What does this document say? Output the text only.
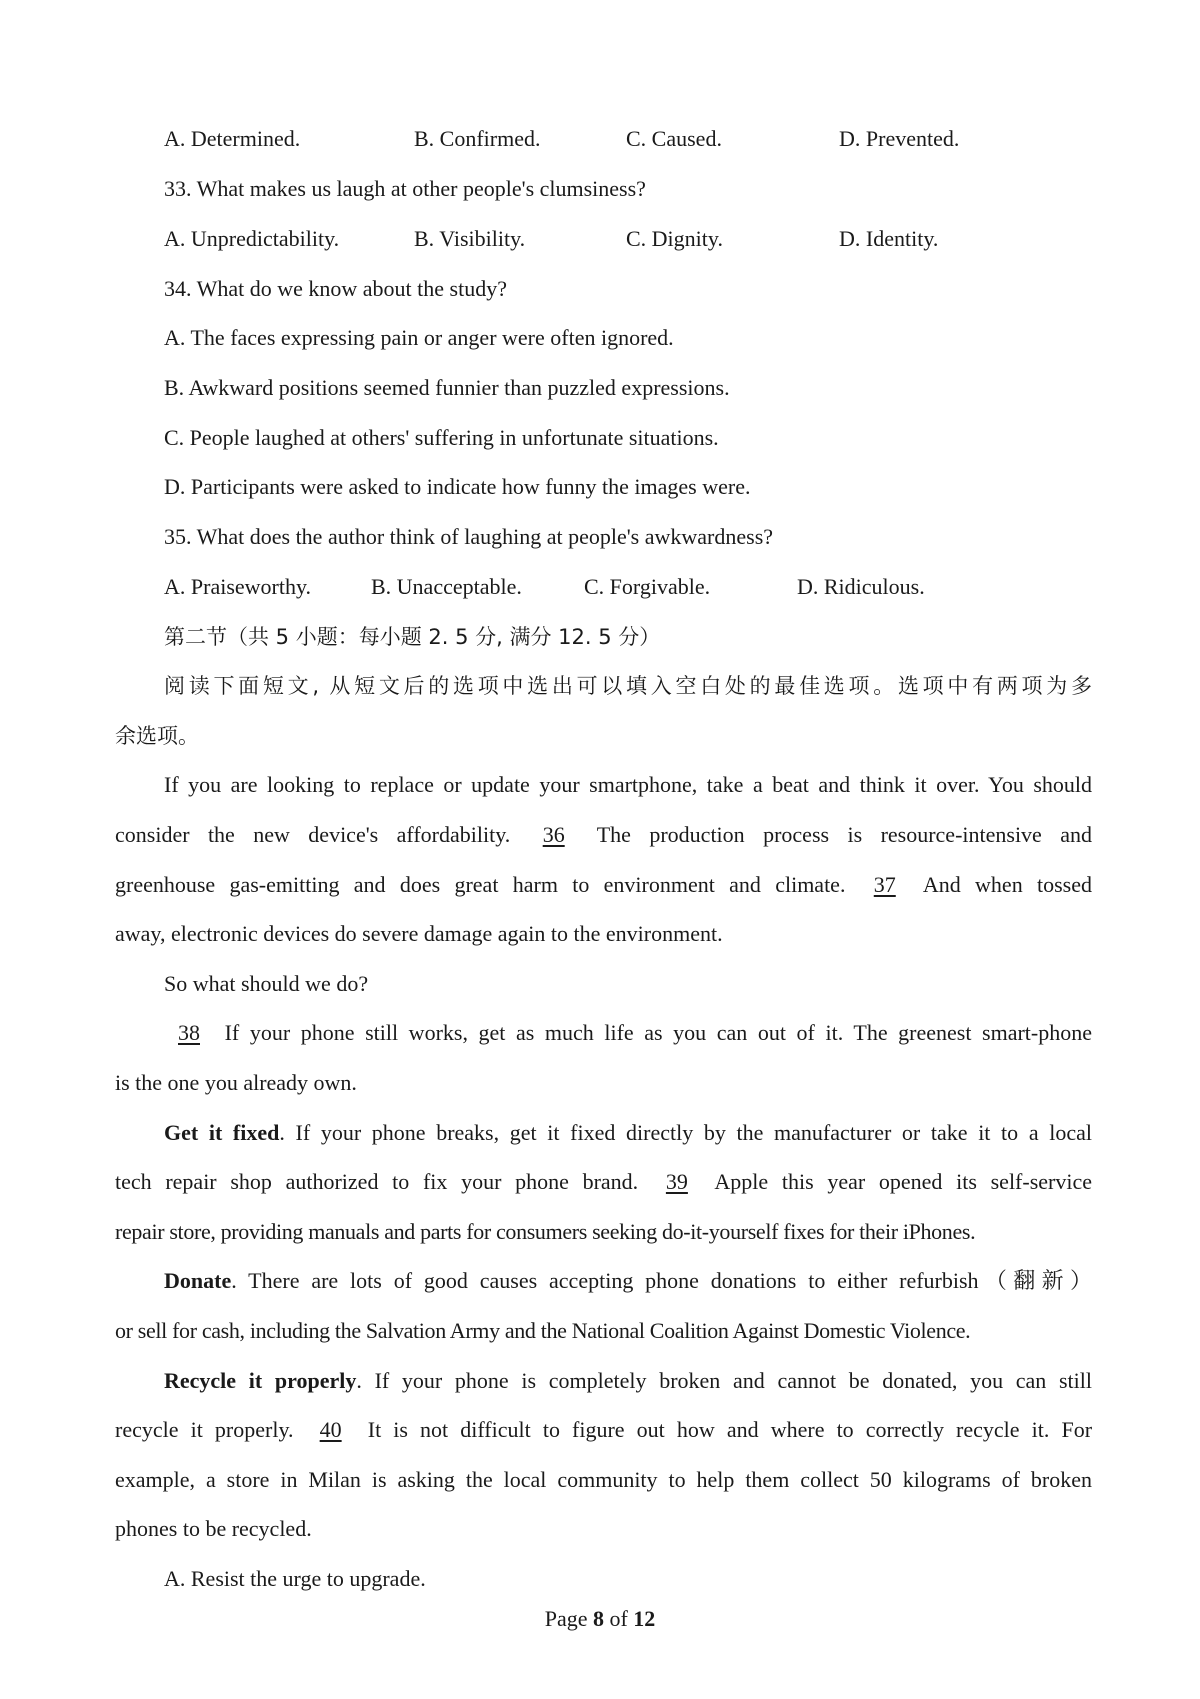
A. Determined.	B. Confirmed.	C. Caused.	D. Prevented.
33. What makes us laugh at other people's clumsiness?
A. Unpredictability.	B. Visibility.	C. Dignity.	D. Identity.
34. What do we know about the study?
A. The faces expressing pain or anger were often ignored.
B. Awkward positions seemed funnier than puzzled expressions.
C. People laughed at others' suffering in unfortunate situations.
D. Participants were asked to indicate how funny the images were.
35. What does the author think of laughing at people's awkwardness?
A. Praiseworthy.	B. Unacceptable.	C. Forgivable.	D. Ridiculous.
第二节（共 5 小题：每小题 2. 5 分, 满分 12. 5 分）
阅读下面短文, 从短文后的选项中选出可以填入空白处的最佳选项。选项中有两项为多
余选项。
If you are looking to replace or update your smartphone, take a beat and think it over. You should
consider the new device's affordability. 36 The production process is resource-intensive and
greenhouse gas-emitting and does great harm to environment and climate. 37 And when tossed
away, electronic devices do severe damage again to the environment.
So what should we do?
38 If your phone still works, get as much life as you can out of it. The greenest smart-phone
is the one you already own.
Get it fixed. If your phone breaks, get it fixed directly by the manufacturer or take it to a local
tech repair shop authorized to fix your phone brand. 39 Apple this year opened its self-service
repair store, providing manuals and parts for consumers seeking do-it-yourself fixes for their iPhones.
Donate. There are lots of good causes accepting phone donations to either refurbish（翻新）
or sell for cash, including the Salvation Army and the National Coalition Against Domestic Violence.
Recycle it properly. If your phone is completely broken and cannot be donated, you can still
recycle it properly. 40 It is not difficult to figure out how and where to correctly recycle it. For
example, a store in Milan is asking the local community to help them collect 50 kilograms of broken
phones to be recycled.
A. Resist the urge to upgrade.
Page 8 of 12
